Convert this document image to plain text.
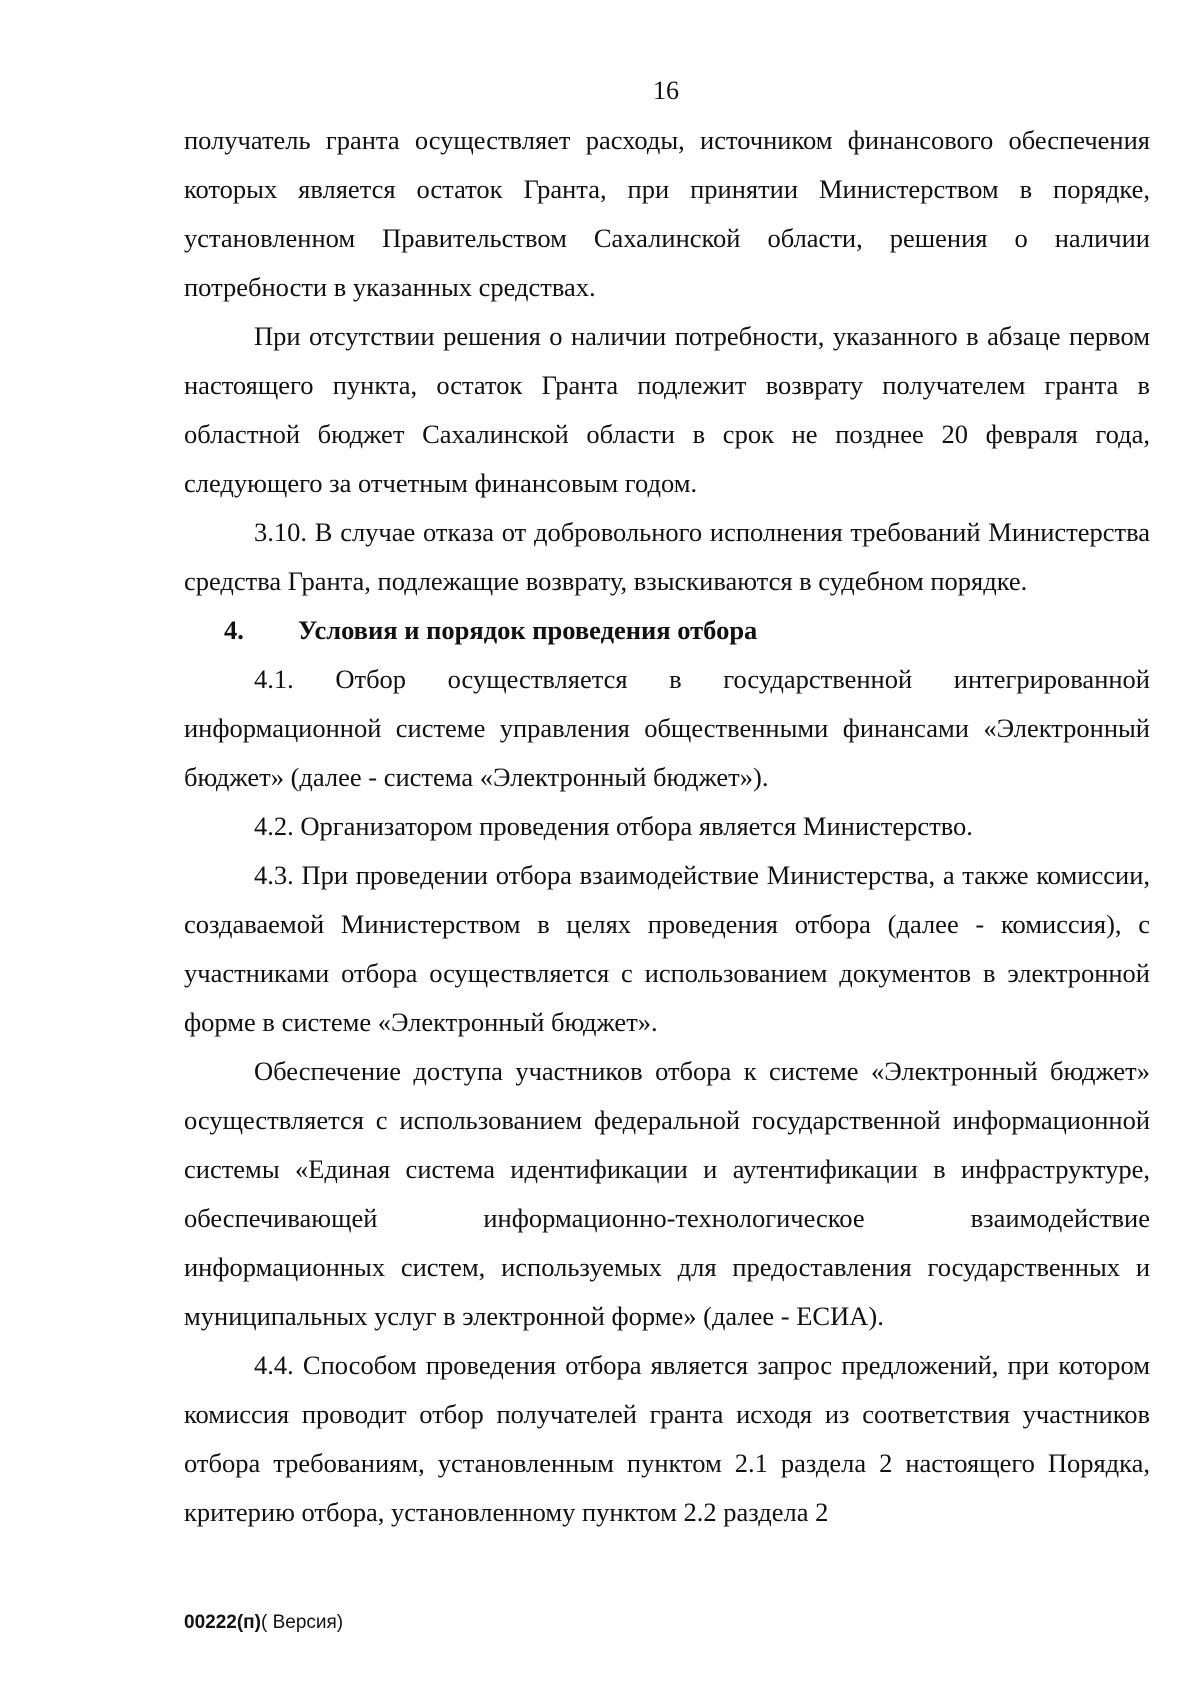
16

получатель гранта осуществляет расходы, источником финансового обеспечения которых является остаток Гранта, при принятии Министерством в порядке, установленном Правительством Сахалинской области, решения о наличии потребности в указанных средствах.

При отсутствии решения о наличии потребности, указанного в абзаце первом настоящего пункта, остаток Гранта подлежит возврату получателем гранта в областной бюджет Сахалинской области в срок не позднее 20 февраля года, следующего за отчетным финансовым годом.

3.10. В случае отказа от добровольного исполнения требований Министерства средства Гранта, подлежащие возврату, взыскиваются в судебном порядке.

4. Условия и порядок проведения отбора

4.1. Отбор осуществляется в государственной интегрированной информационной системе управления общественными финансами «Электронный бюджет» (далее - система «Электронный бюджет»).

4.2. Организатором проведения отбора является Министерство.

4.3. При проведении отбора взаимодействие Министерства, а также комиссии, создаваемой Министерством в целях проведения отбора (далее - комиссия), с участниками отбора осуществляется с использованием документов в электронной форме в системе «Электронный бюджет».

Обеспечение доступа участников отбора к системе «Электронный бюджет» осуществляется с использованием федеральной государственной информационной системы «Единая система идентификации и аутентификации в инфраструктуре, обеспечивающей информационно-технологическое взаимодействие информационных систем, используемых для предоставления государственных и муниципальных услуг в электронной форме» (далее - ЕСИА).

4.4. Способом проведения отбора является запрос предложений, при котором комиссия проводит отбор получателей гранта исходя из соответствия участников отбора требованиям, установленным пунктом 2.1 раздела 2 настоящего Порядка, критерию отбора, установленному пунктом 2.2 раздела 2

00222(п)( Версия)
